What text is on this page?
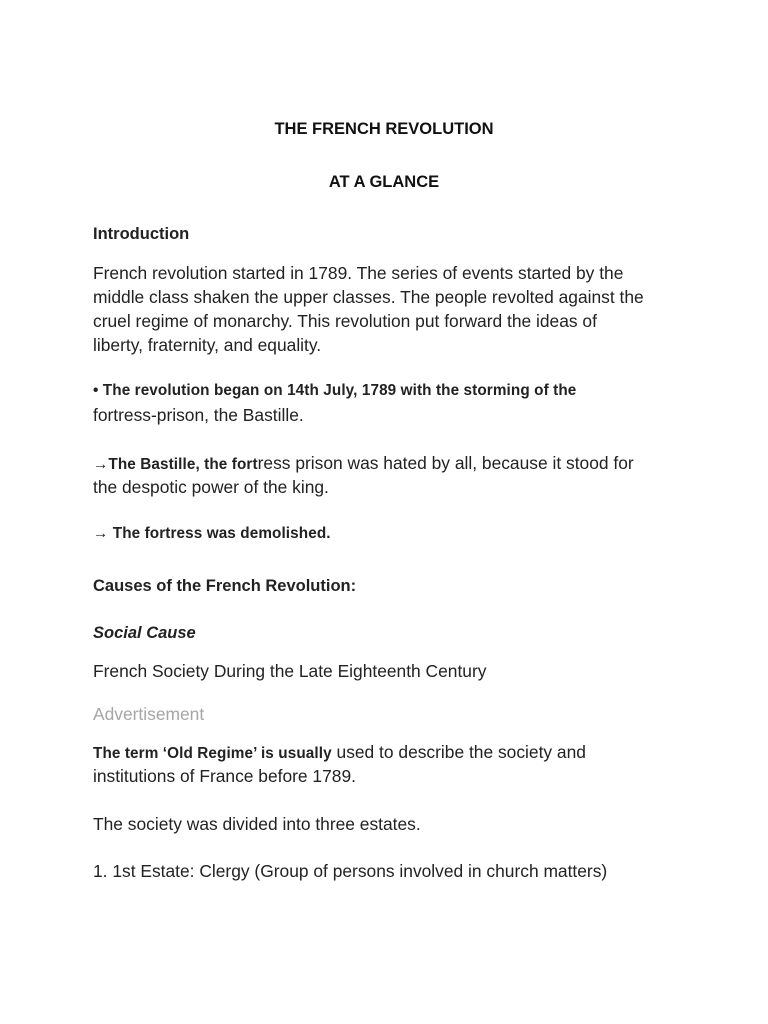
THE FRENCH REVOLUTION
AT A GLANCE
Introduction
French revolution started in 1789. The series of events started by the
middle class shaken the upper classes. The people revolted against the
cruel regime of monarchy. This revolution put forward the ideas of
liberty, fraternity, and equality.
• The revolution began on 14th July, 1789 with the storming of the
fortress-prison, the Bastille.
→The Bastille, the fortress prison was hated by all, because it stood for
the despotic power of the king.
→ The fortress was demolished.
Causes of the French Revolution:
Social Cause
French Society During the Late Eighteenth Century
Advertisement
The term ‘Old Regime’ is usually used to describe the society and
institutions of France before 1789.
The society was divided into three estates.
1. 1st Estate: Clergy (Group of persons involved in church matters)
